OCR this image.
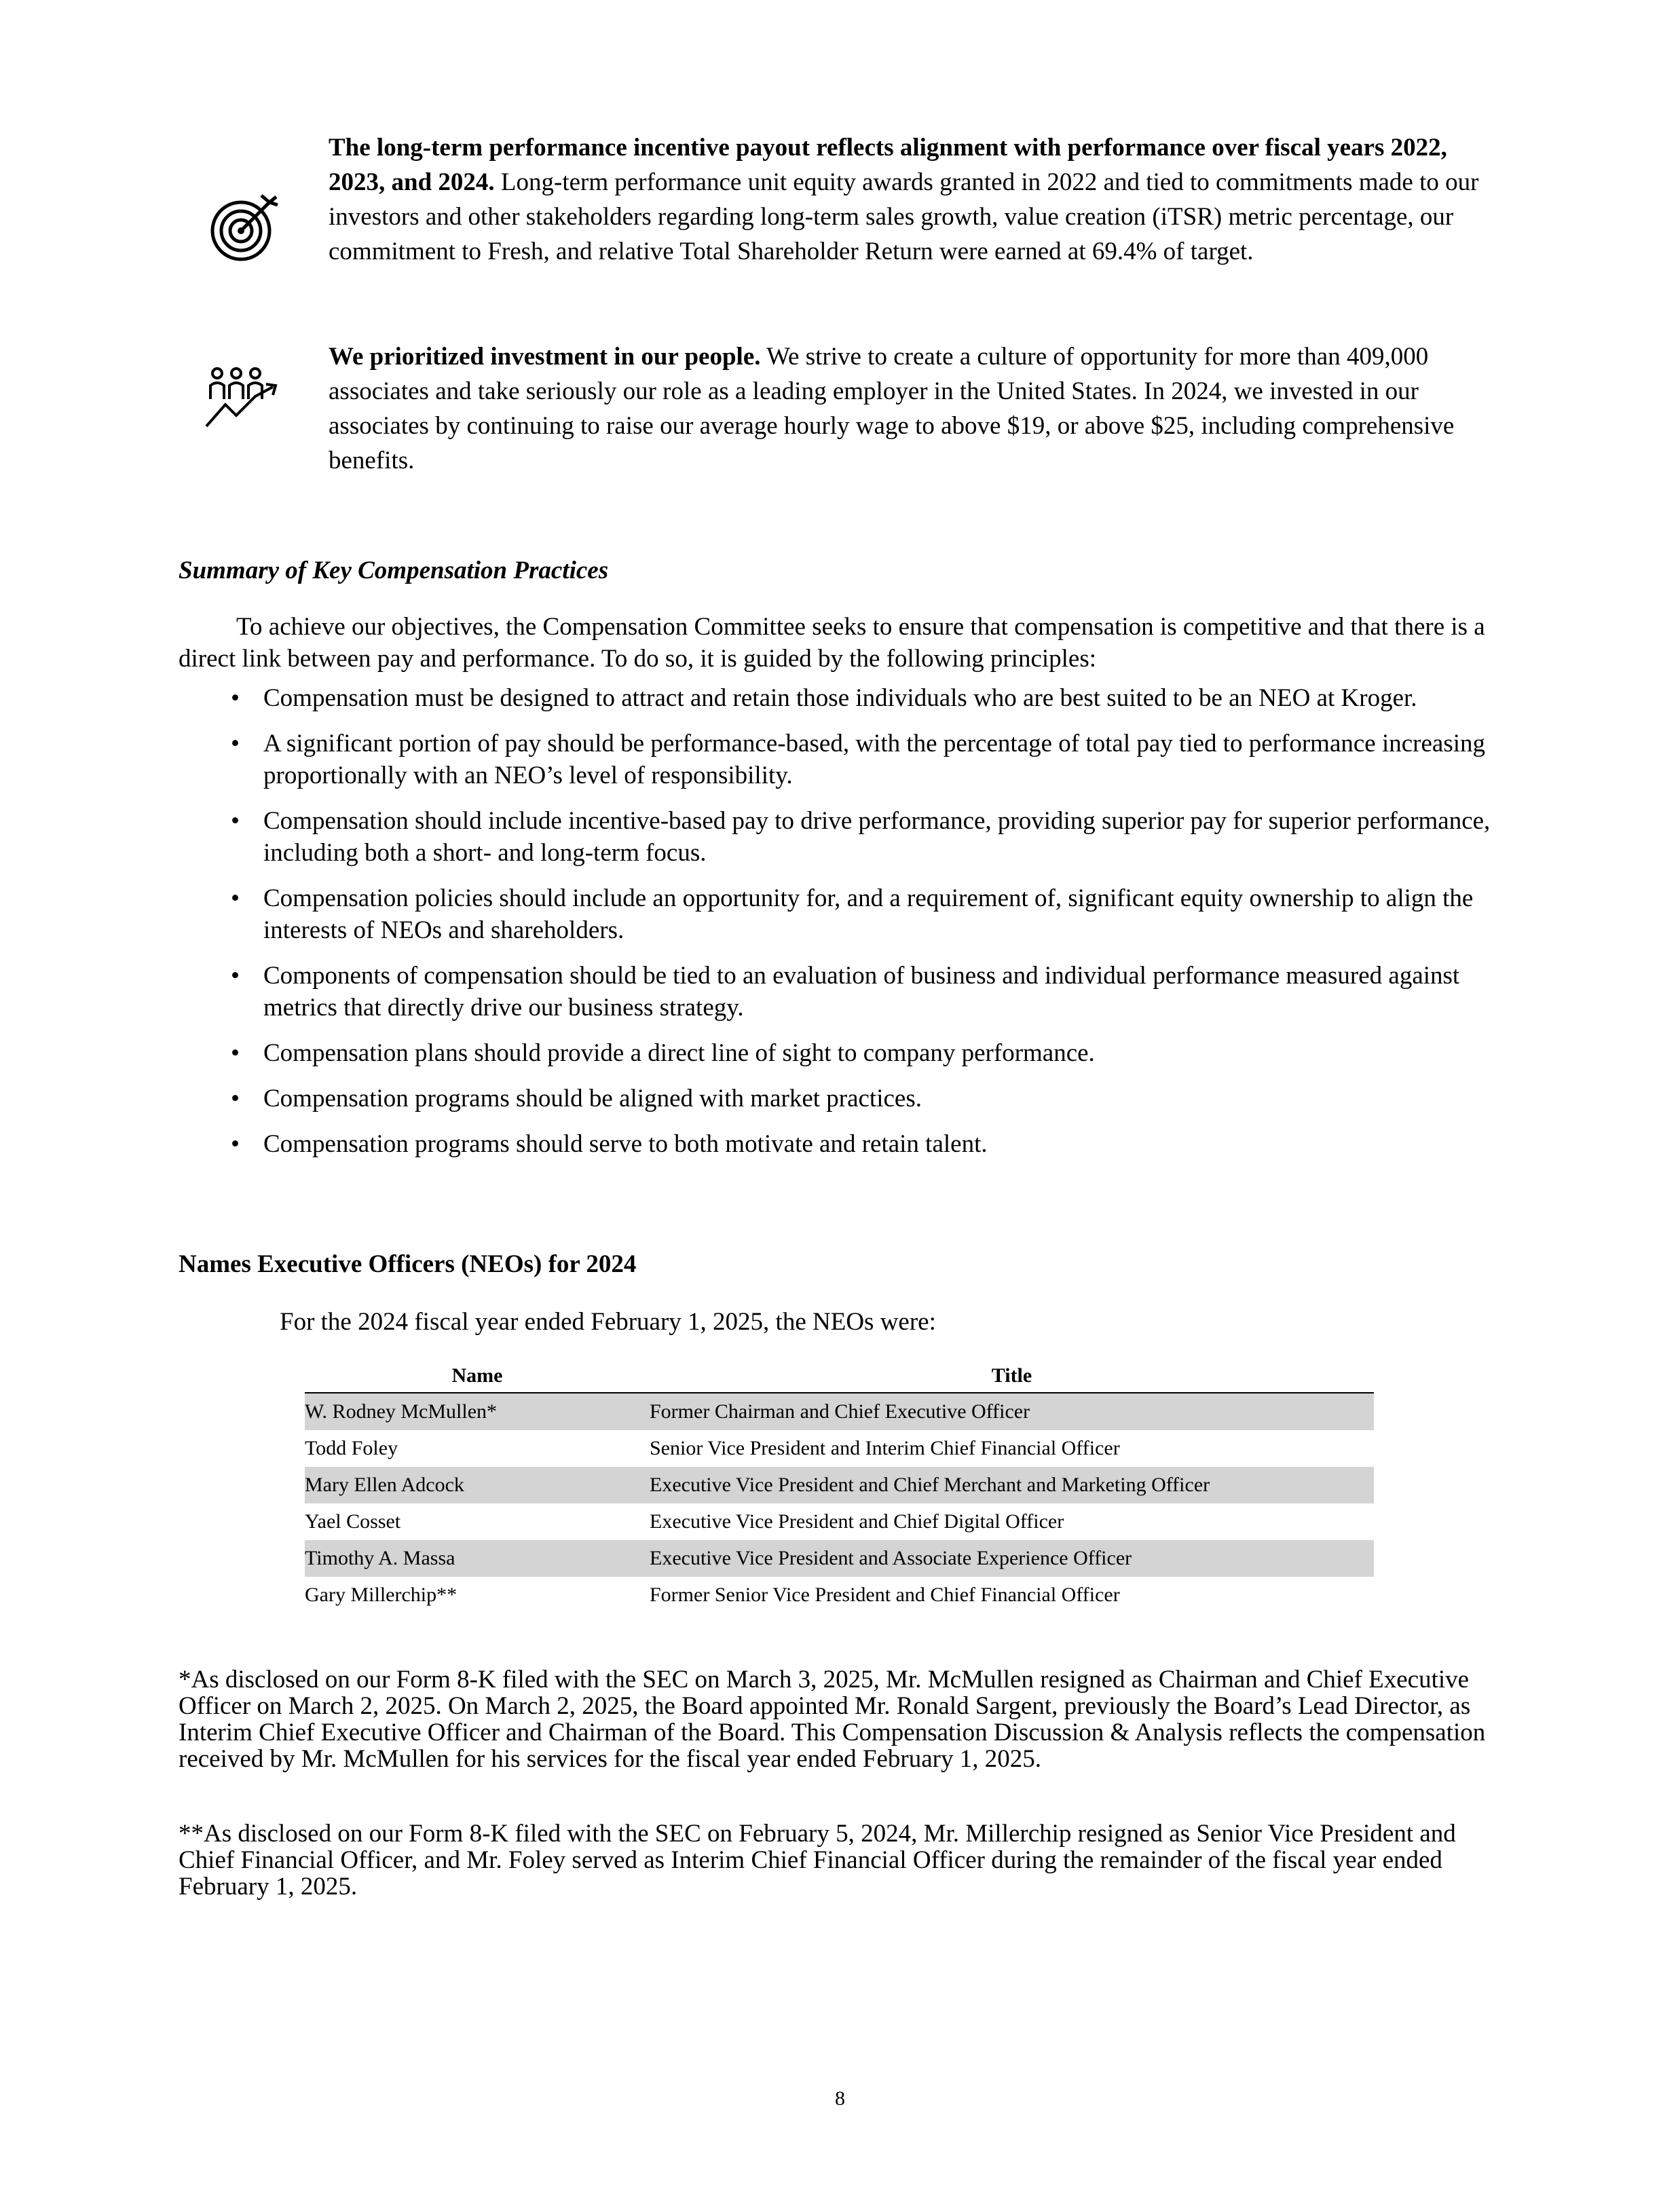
The long-term performance incentive payout reflects alignment with performance over fiscal years 2022, 2023, and 2024. Long-term performance unit equity awards granted in 2022 and tied to commitments made to our investors and other stakeholders regarding long-term sales growth, value creation (iTSR) metric percentage, our commitment to Fresh, and relative Total Shareholder Return were earned at 69.4% of target.
We prioritized investment in our people. We strive to create a culture of opportunity for more than 409,000 associates and take seriously our role as a leading employer in the United States. In 2024, we invested in our associates by continuing to raise our average hourly wage to above $19, or above $25, including comprehensive benefits.
Summary of Key Compensation Practices
To achieve our objectives, the Compensation Committee seeks to ensure that compensation is competitive and that there is a direct link between pay and performance. To do so, it is guided by the following principles:
• Compensation must be designed to attract and retain those individuals who are best suited to be an NEO at Kroger.
• A significant portion of pay should be performance-based, with the percentage of total pay tied to performance increasing proportionally with an NEO’s level of responsibility.
• Compensation should include incentive-based pay to drive performance, providing superior pay for superior performance, including both a short- and long-term focus.
• Compensation policies should include an opportunity for, and a requirement of, significant equity ownership to align the interests of NEOs and shareholders.
• Components of compensation should be tied to an evaluation of business and individual performance measured against metrics that directly drive our business strategy.
• Compensation plans should provide a direct line of sight to company performance.
• Compensation programs should be aligned with market practices.
• Compensation programs should serve to both motivate and retain talent.
Names Executive Officers (NEOs) for 2024
For the 2024 fiscal year ended February 1, 2025, the NEOs were:
Name	Title
W. Rodney McMullen*	Former Chairman and Chief Executive Officer
Todd Foley	Senior Vice President and Interim Chief Financial Officer
Mary Ellen Adcock	Executive Vice President and Chief Merchant and Marketing Officer
Yael Cosset	Executive Vice President and Chief Digital Officer
Timothy A. Massa	Executive Vice President and Associate Experience Officer
Gary Millerchip**	Former Senior Vice President and Chief Financial Officer
*As disclosed on our Form 8-K filed with the SEC on March 3, 2025, Mr. McMullen resigned as Chairman and Chief Executive Officer on March 2, 2025. On March 2, 2025, the Board appointed Mr. Ronald Sargent, previously the Board’s Lead Director, as Interim Chief Executive Officer and Chairman of the Board. This Compensation Discussion & Analysis reflects the compensation received by Mr. McMullen for his services for the fiscal year ended February 1, 2025.
**As disclosed on our Form 8-K filed with the SEC on February 5, 2024, Mr. Millerchip resigned as Senior Vice President and Chief Financial Officer, and Mr. Foley served as Interim Chief Financial Officer during the remainder of the fiscal year ended February 1, 2025.
8
